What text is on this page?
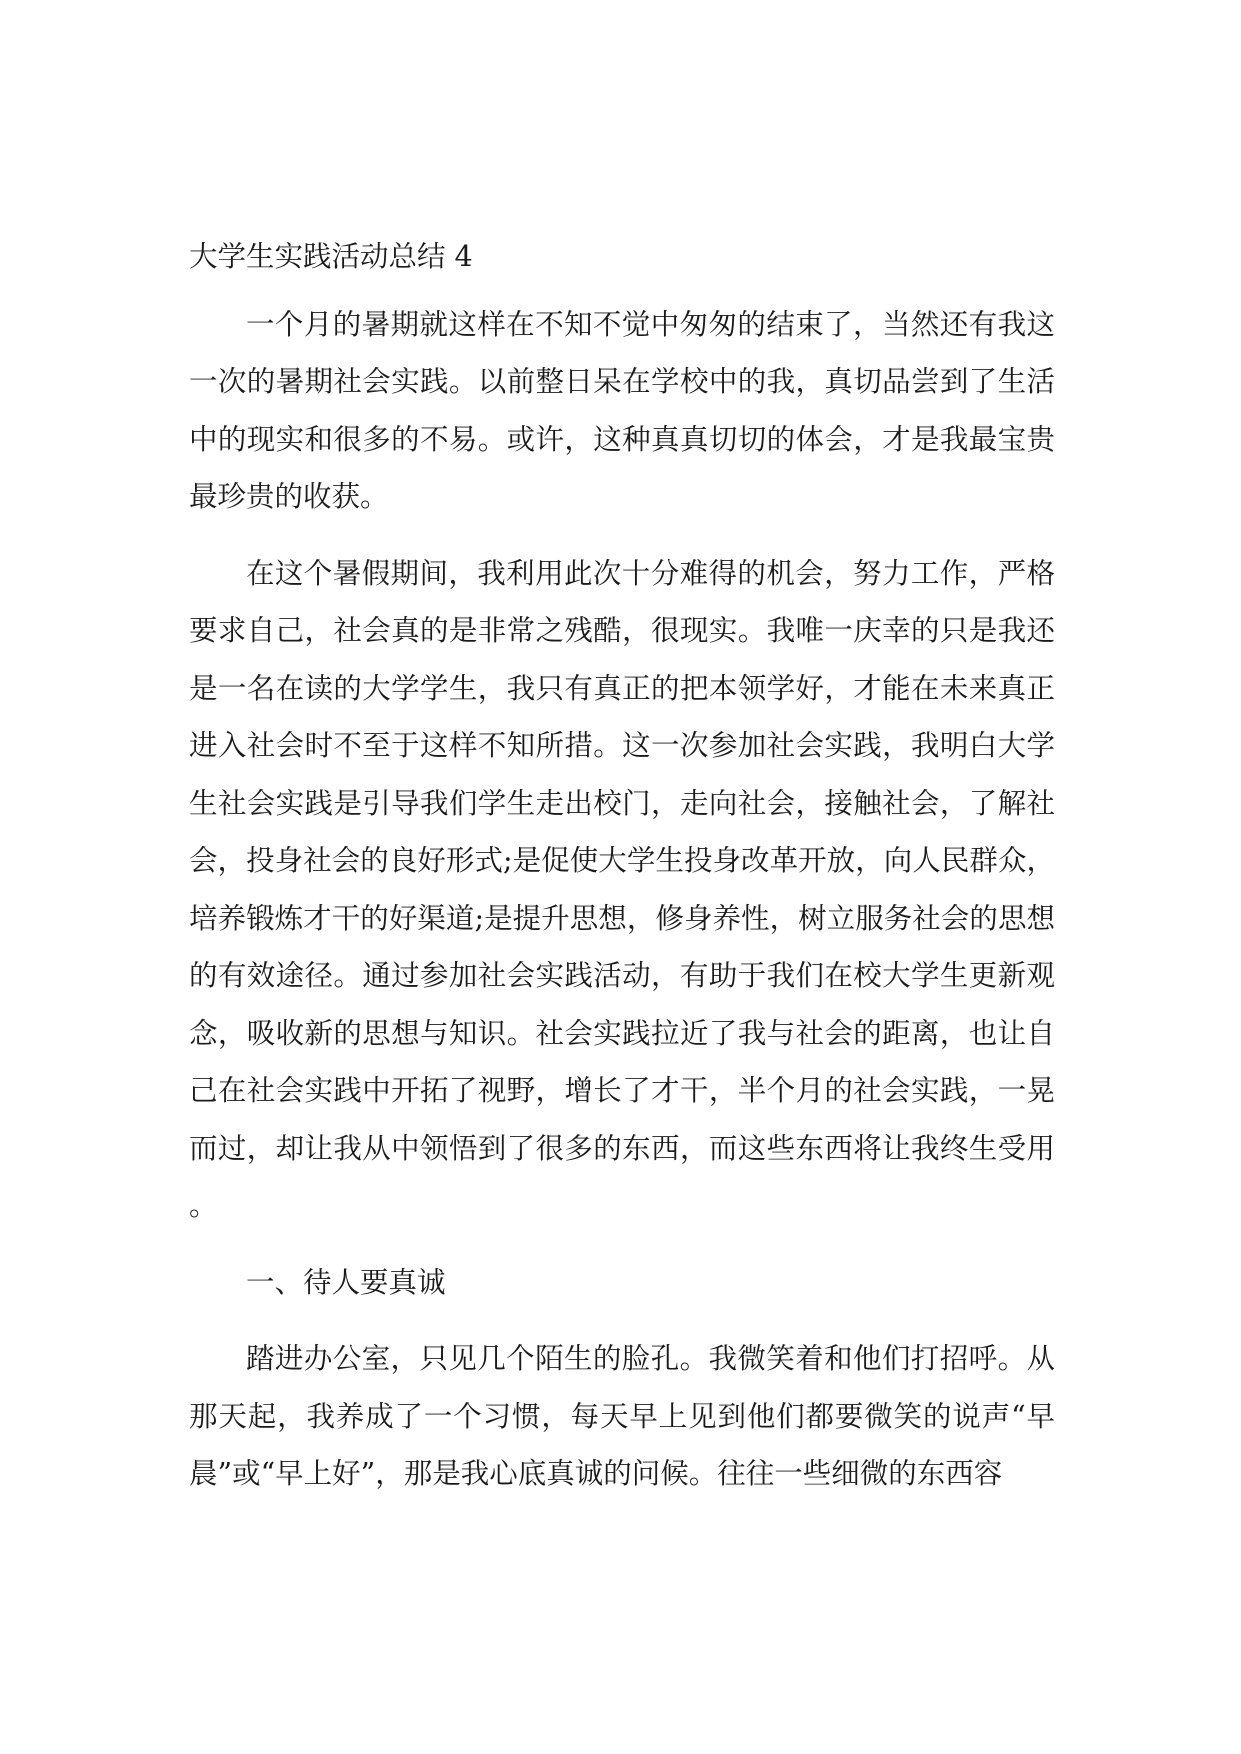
大学生实践活动总结 4

一个月的暑期就这样在不知不觉中匆匆的结束了，当然还有我这一次的暑期社会实践。以前整日呆在学校中的我，真切品尝到了生活中的现实和很多的不易。或许，这种真真切切的体会，才是我最宝贵最珍贵的收获。

在这个暑假期间，我利用此次十分难得的机会，努力工作，严格要求自己，社会真的是非常之残酷，很现实。我唯一庆幸的只是我还是一名在读的大学学生，我只有真正的把本领学好，才能在未来真正进入社会时不至于这样不知所措。这一次参加社会实践，我明白大学生社会实践是引导我们学生走出校门，走向社会，接触社会，了解社会，投身社会的良好形式;是促使大学生投身改革开放，向人民群众，培养锻炼才干的好渠道;是提升思想，修身养性，树立服务社会的思想的有效途径。通过参加社会实践活动，有助于我们在校大学生更新观念，吸收新的思想与知识。社会实践拉近了我与社会的距离，也让自己在社会实践中开拓了视野，增长了才干，半个月的社会实践，一晃而过，却让我从中领悟到了很多的东西，而这些东西将让我终生受用。

一、待人要真诚

踏进办公室，只见几个陌生的脸孔。我微笑着和他们打招呼。从那天起，我养成了一个习惯，每天早上见到他们都要微笑的说声“早晨”或“早上好”，那是我心底真诚的问候。往往一些细微的东西容
